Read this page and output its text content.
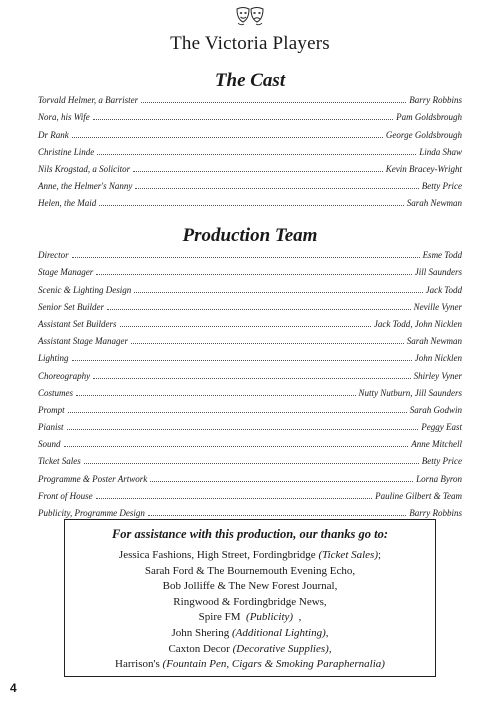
The Victoria Players
The Cast
Torvald Helmer, a Barrister	Barry Robbins
Nora, his Wife	Pam Goldsbrough
Dr Rank	George Goldsbrough
Christine Linde	Linda Shaw
Nils Krogstad, a Solicitor	Kevin Bracey-Wright
Anne, the Helmer's Nanny	Betty Price
Helen, the Maid	Sarah Newman
Production Team
Director	Esme Todd
Stage Manager	Jill Saunders
Scenic & Lighting Design	Jack Todd
Senior Set Builder	Neville Vyner
Assistant Set Builders	Jack Todd, John Nicklen
Assistant Stage Manager	Sarah Newman
Lighting	John Nicklen
Choreography	Shirley Vyner
Costumes	Nutty Nutburn, Jill Saunders
Prompt	Sarah Godwin
Pianist	Peggy East
Sound	Anne Mitchell
Ticket Sales	Betty Price
Programme & Poster Artwork	Lorna Byron
Front of House	Pauline Gilbert & Team
Publicity, Programme Design	Barry Robbins
For assistance with this production, our thanks go to:
Jessica Fashions, High Street, Fordingbridge (Ticket Sales);
Sarah Ford & The Bournemouth Evening Echo,
Bob Jolliffe & The New Forest Journal,
Ringwood & Fordingbridge News,
Spire FM  (Publicity)  ,
John Shering (Additional Lighting),
Caxton Decor (Decorative Supplies),
Harrison's (Fountain Pen, Cigars & Smoking Paraphernalia)
4
